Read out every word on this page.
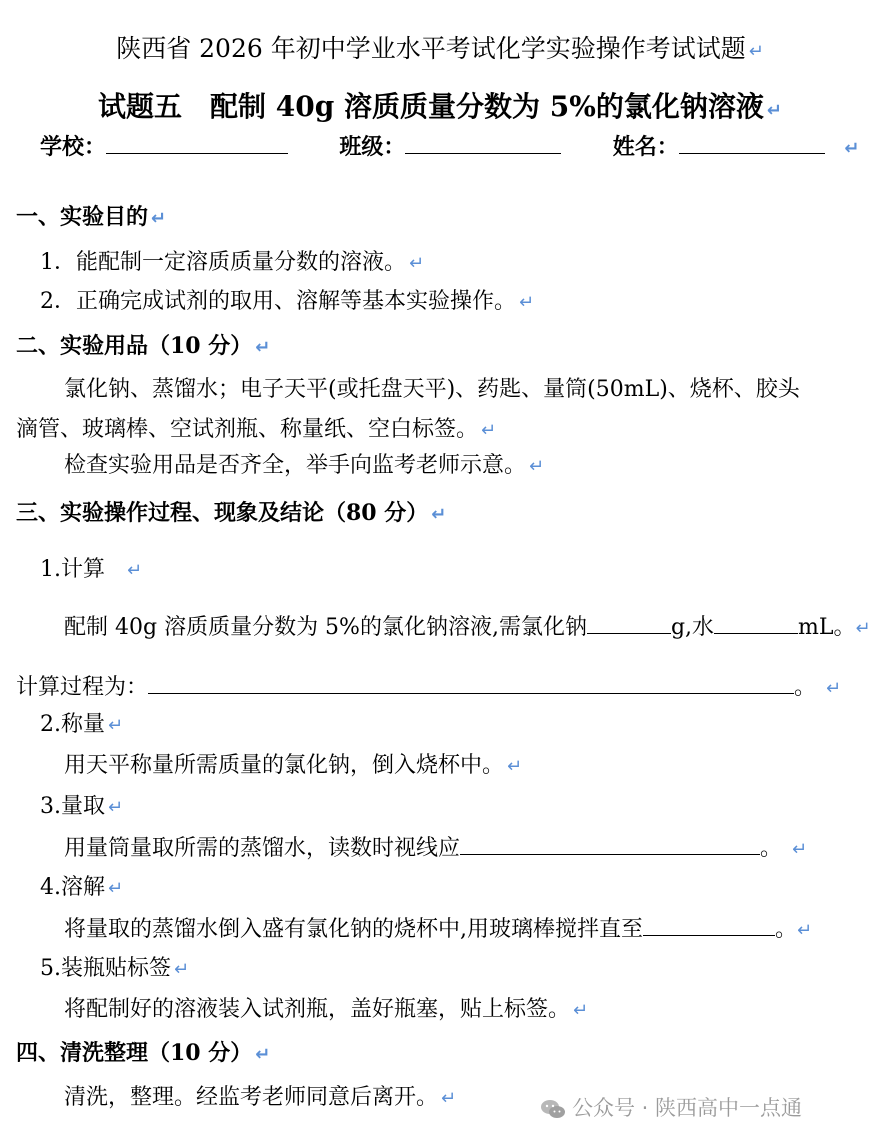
陕西省 2026 年初中学业水平考试化学实验操作考试试题 ↵
试题五　配制 40g 溶质质量分数为 5%的氯化钠溶液 ↵
学校：	班级：	姓名：	↵
一、实验目的 ↵
1．能配制一定溶质质量分数的溶液。 ↵
2．正确完成试剂的取用、溶解等基本实验操作。 ↵
二、实验用品（10 分） ↵
氯化钠、蒸馏水；电子天平(或托盘天平)、药匙、量筒(50mL)、烧杯、胶头
滴管、玻璃棒、空试剂瓶、称量纸、空白标签。 ↵
检查实验用品是否齐全，举手向监考老师示意。 ↵
三、实验操作过程、现象及结论（80 分） ↵
1.计算 ↵
配制 40g 溶质质量分数为 5%的氯化钠溶液,需氯化钠	g,水	mL。↵
计算过程为：	。 ↵
2.称量 ↵
用天平称量所需质量的氯化钠，倒入烧杯中。 ↵
3.量取 ↵
用量筒量取所需的蒸馏水，读数时视线应	。 ↵
4.溶解 ↵
将量取的蒸馏水倒入盛有氯化钠的烧杯中,用玻璃棒搅拌直至	。↵
5.装瓶贴标签 ↵
将配制好的溶液装入试剂瓶，盖好瓶塞，贴上标签。 ↵
四、清洗整理（10 分） ↵
清洗，整理。经监考老师同意后离开。 ↵	公众号 · 陕西高中一点通
